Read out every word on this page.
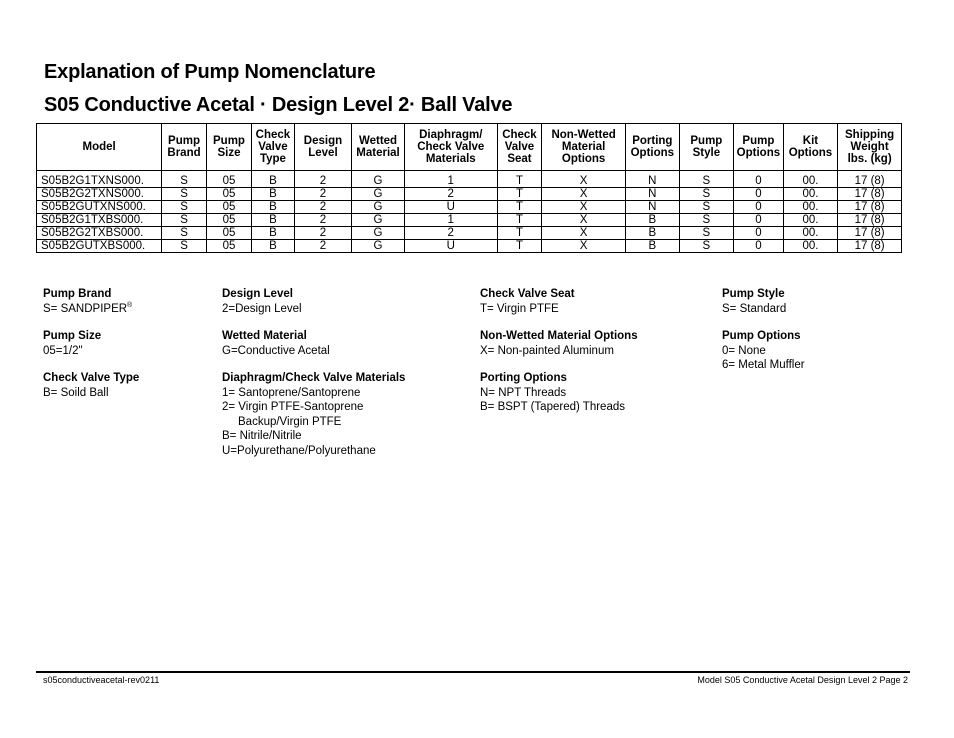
Explanation of Pump Nomenclature
S05 Conductive Acetal · Design Level 2· Ball Valve
Model	Pump Brand	Pump Size	Check Valve Type	Design Level	Wetted Material	Diaphragm/ Check Valve Materials	Check Valve Seat	Non-Wetted Material Options	Porting Options	Pump Style	Pump Options	Kit Options	Shipping Weight lbs. (kg)

S05B2G1TXNS000.	S	05	B	2	G	1	T	X	N	S	0	00.	17 (8)
S05B2G2TXNS000.	S	05	B	2	G	2	T	X	N	S	0	00.	17 (8)
S05B2GUTXNS000.	S	05	B	2	G	U	T	X	N	S	0	00.	17 (8)
S05B2G1TXBS000.	S	05	B	2	G	1	T	X	B	S	0	00.	17 (8)
S05B2G2TXBS000.	S	05	B	2	G	2	T	X	B	S	0	00.	17 (8)
S05B2GUTXBS000.	S	05	B	2	G	U	T	X	B	S	0	00.	17 (8)
Pump Brand
S= SANDPIPER®
Pump Size
05=1/2"
Check Valve Type
B= Soild Ball
Design Level
2=Design Level
Wetted Material
G=Conductive Acetal
Diaphragm/Check Valve Materials
1= Santoprene/Santoprene
2= Virgin PTFE-Santoprene
Backup/Virgin PTFE
B= Nitrile/Nitrile
U=Polyurethane/Polyurethane
Check Valve Seat
T= Virgin PTFE
Non-Wetted Material Options
X= Non-painted Aluminum
Porting Options
N= NPT Threads
B= BSPT (Tapered) Threads
Pump Style
S= Standard
Pump Options
0= None
6= Metal Muffler
s05conductiveacetal-rev0211	Model S05 Conductive Acetal Design Level 2 Page 2
